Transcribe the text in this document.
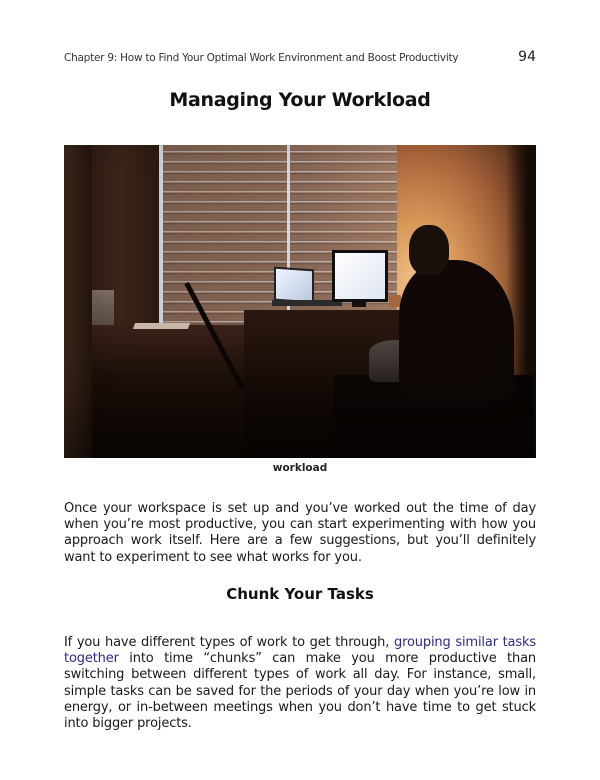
Chapter 9: How to Find Your Optimal Work Environment and Boost Productivity	94
Managing Your Workload
workload

Once your workspace is set up and you’ve worked out the time of day when you’re most productive, you can start experimenting with how you approach work itself. Here are a few suggestions, but you’ll definitely want to experiment to see what works for you.

Chunk Your Tasks

If you have different types of work to get through, grouping similar tasks together into time “chunks” can make you more productive than switching between different types of work all day. For instance, small, simple tasks can be saved for the periods of your day when you’re low in energy, or in-between meetings when you don’t have time to get stuck into bigger projects.
